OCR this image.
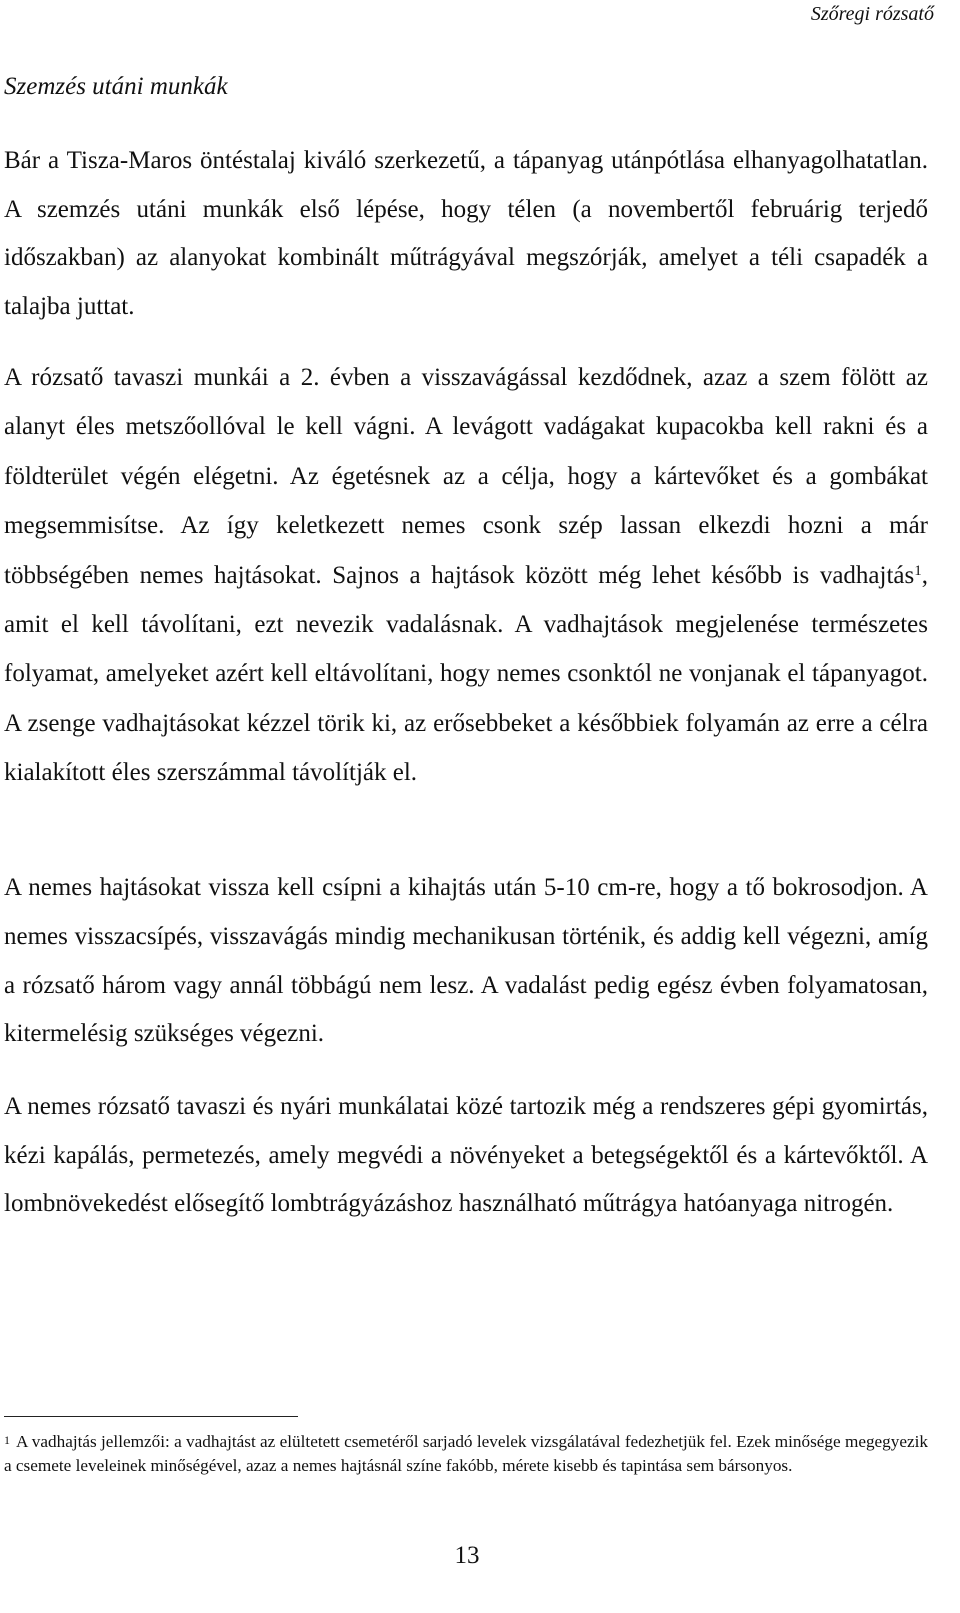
Szőregi rózsatő
Szemzés utáni munkák

Bár a Tisza-Maros öntéstalaj kiváló szerkezetű, a tápanyag utánpótlása elhanyagolhatatlan. A szemzés utáni munkák első lépése, hogy télen (a novembertől februárig terjedő időszakban) az alanyokat kombinált műtrágyával megszórják, amelyet a téli csapadék a talajba juttat.

A rózsatő tavaszi munkái a 2. évben a visszavágással kezdődnek, azaz a szem fölött az alanyt éles metszőollóval le kell vágni. A levágott vadágakat kupacokba kell rakni és a földterület végén elégetni. Az égetésnek az a célja, hogy a kártevőket és a gombákat megsemmisítse. Az így keletkezett nemes csonk szép lassan elkezdi hozni a már többségében nemes hajtásokat. Sajnos a hajtások között még lehet később is vadhajtás$^1$, amit el kell távolítani, ezt nevezik vadalásnak. A vadhajtások megjelenése természetes folyamat, amelyeket azért kell eltávolítani, hogy nemes csonktól ne vonjanak el tápanyagot. A zsenge vadhajtásokat kézzel törik ki, az erősebbeket a későbbiek folyamán az erre a célra kialakított éles szerszámmal távolítják el.

A nemes hajtásokat vissza kell csípni a kihajtás után 5-10 cm-re, hogy a tő bokrosodjon. A nemes visszacsípés, visszavágás mindig mechanikusan történik, és addig kell végezni, amíg a rózsatő három vagy annál többágú nem lesz. A vadalást pedig egész évben folyamatosan, kitermelésig szükséges végezni.

A nemes rózsatő tavaszi és nyári munkálatai közé tartozik még a rendszeres gépi gyomirtás, kézi kapálás, permetezés, amely megvédi a növényeket a betegségektől és a kártevőktől. A lombnövekedést elősegítő lombtrágyázáshoz használható műtrágya hatóanyaga nitrogén.

$^1$ A vadhajtás jellemzői: a vadhajtást az elültetett csemetéről sarjadó levelek vizsgálatával fedezhetjük fel. Ezek minősége megegyezik a csemete leveleinek minőségével, azaz a nemes hajtásnál színe fakóbb, mérete kisebb és tapintása sem bársonyos.

13
